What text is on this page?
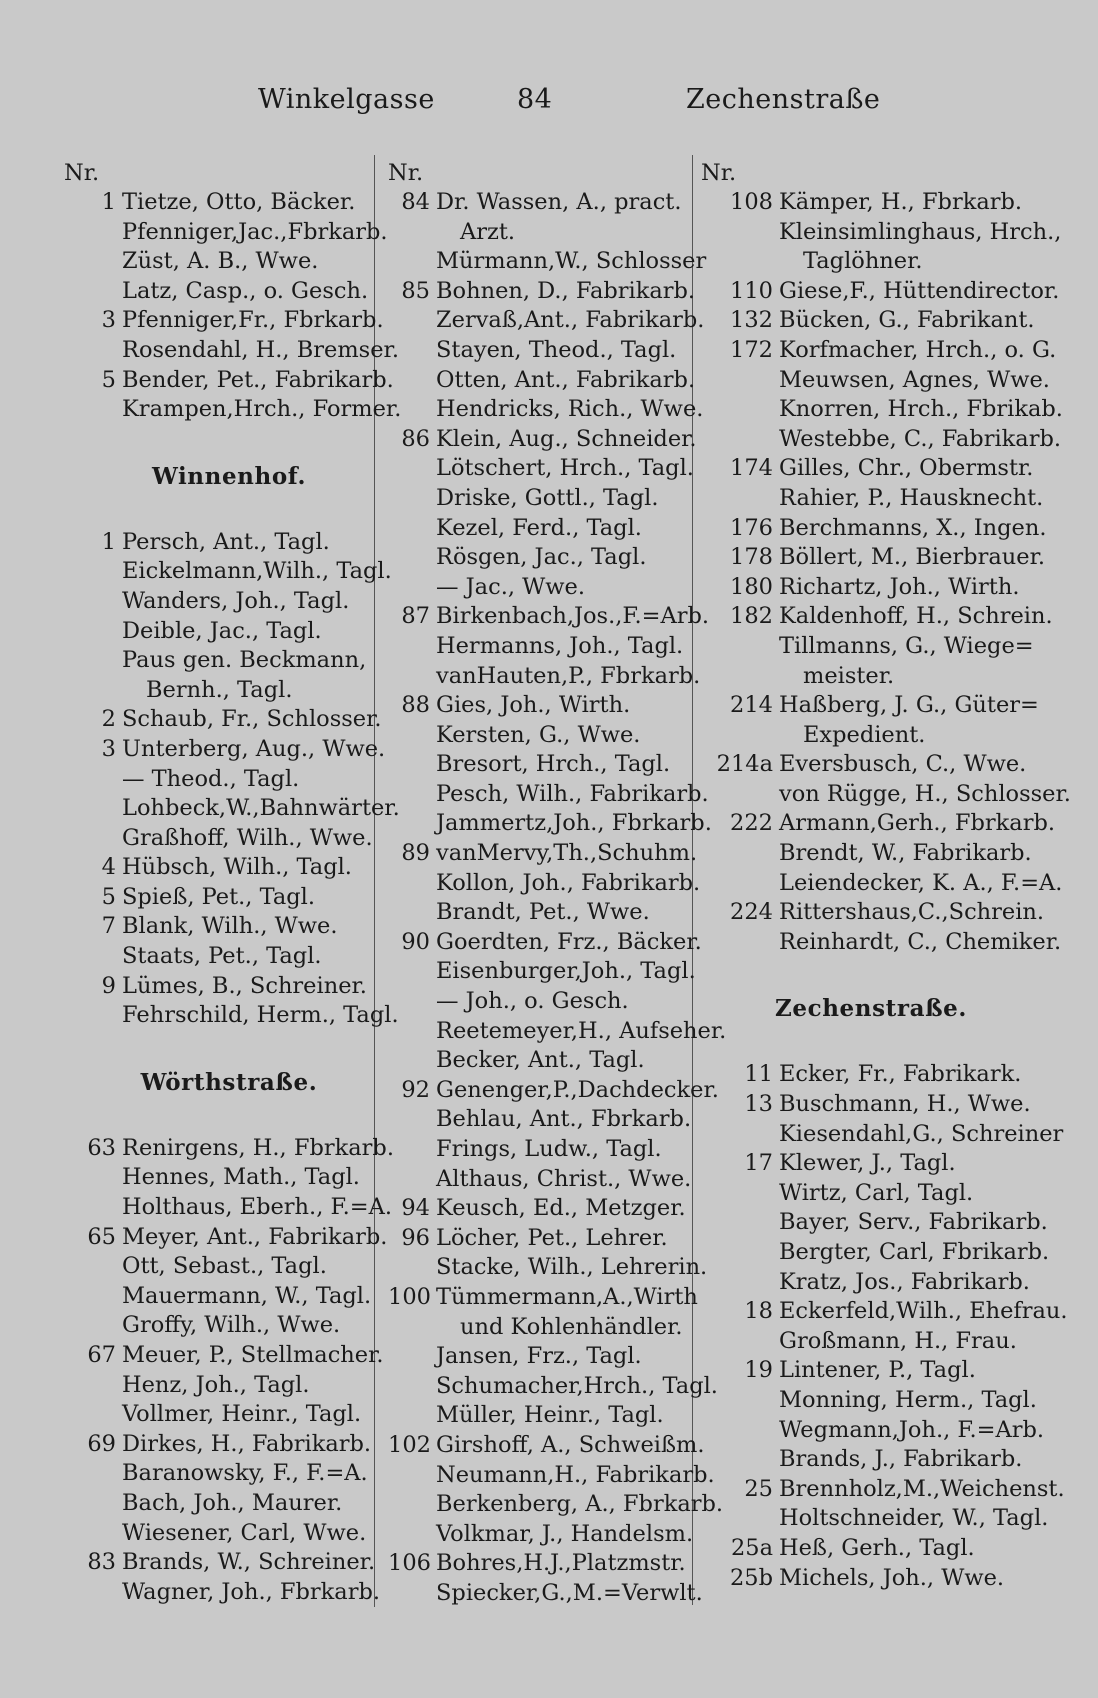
Winkelgasse	84	Zechenstraße
Nr.
1 Tietze, Otto, Bäcker.
Pfenniger,Jac.,Fbrkarb.
Züst, A. B., Wwe.
Latz, Casp., o. Gesch.
3 Pfenniger,Fr., Fbrkarb.
Rosendahl, H., Bremser.
5 Bender, Pet., Fabrikarb.
Krampen,Hrch., Former.
Winnenhof.
1 Persch, Ant., Tagl.
Eickelmann,Wilh., Tagl.
Wanders, Joh., Tagl.
Deible, Jac., Tagl.
Paus gen. Beckmann,
Bernh., Tagl.
2 Schaub, Fr., Schlosser.
3 Unterberg, Aug., Wwe.
— Theod., Tagl.
Lohbeck,W.,Bahnwärter.
Graßhoff, Wilh., Wwe.
4 Hübsch, Wilh., Tagl.
5 Spieß, Pet., Tagl.
7 Blank, Wilh., Wwe.
Staats, Pet., Tagl.
9 Lümes, B., Schreiner.
Fehrschild, Herm., Tagl.
Wörthstraße.
63 Renirgens, H., Fbrkarb.
Hennes, Math., Tagl.
Holthaus, Eberh., F.=A.
65 Meyer, Ant., Fabrikarb.
Ott, Sebast., Tagl.
Mauermann, W., Tagl.
Groffy, Wilh., Wwe.
67 Meuer, P., Stellmacher.
Henz, Joh., Tagl.
Vollmer, Heinr., Tagl.
69 Dirkes, H., Fabrikarb.
Baranowsky, F., F.=A.
Bach, Joh., Maurer.
Wiesener, Carl, Wwe.
83 Brands, W., Schreiner.
Wagner, Joh., Fbrkarb.
Nr.
84 Dr. Wassen, A., pract.
Arzt.
Mürmann,W., Schlosser
85 Bohnen, D., Fabrikarb.
Zervaß,Ant., Fabrikarb.
Stayen, Theod., Tagl.
Otten, Ant., Fabrikarb.
Hendricks, Rich., Wwe.
86 Klein, Aug., Schneider.
Lötschert, Hrch., Tagl.
Driske, Gottl., Tagl.
Kezel, Ferd., Tagl.
Rösgen, Jac., Tagl.
— Jac., Wwe.
87 Birkenbach,Jos.,F.=Arb.
Hermanns, Joh., Tagl.
vanHauten,P., Fbrkarb.
88 Gies, Joh., Wirth.
Kersten, G., Wwe.
Bresort, Hrch., Tagl.
Pesch, Wilh., Fabrikarb.
Jammertz,Joh., Fbrkarb.
89 vanMervy,Th.,Schuhm.
Kollon, Joh., Fabrikarb.
Brandt, Pet., Wwe.
90 Goerdten, Frz., Bäcker.
Eisenburger,Joh., Tagl.
— Joh., o. Gesch.
Reetemeyer,H., Aufseher.
Becker, Ant., Tagl.
92 Genenger,P.,Dachdecker.
Behlau, Ant., Fbrkarb.
Frings, Ludw., Tagl.
Althaus, Christ., Wwe.
94 Keusch, Ed., Metzger.
96 Löcher, Pet., Lehrer.
Stacke, Wilh., Lehrerin.
100 Tümmermann,A.,Wirth
und Kohlenhändler.
Jansen, Frz., Tagl.
Schumacher,Hrch., Tagl.
Müller, Heinr., Tagl.
102 Girshoff, A., Schweißm.
Neumann,H., Fabrikarb.
Berkenberg, A., Fbrkarb.
Volkmar, J., Handelsm.
106 Bohres,H.J.,Platzmstr.
Spiecker,G.,M.=Verwlt.
Nr.
108 Kämper, H., Fbrkarb.
Kleinsimlinghaus, Hrch.,
Taglöhner.
110 Giese,F., Hüttendirector.
132 Bücken, G., Fabrikant.
172 Korfmacher, Hrch., o. G.
Meuwsen, Agnes, Wwe.
Knorren, Hrch., Fbrikab.
Westebbe, C., Fabrikarb.
174 Gilles, Chr., Obermstr.
Rahier, P., Hausknecht.
176 Berchmanns, X., Ingen.
178 Böllert, M., Bierbrauer.
180 Richartz, Joh., Wirth.
182 Kaldenhoff, H., Schrein.
Tillmanns, G., Wiege=
meister.
214 Haßberg, J. G., Güter=
Expedient.
214a Eversbusch, C., Wwe.
von Rügge, H., Schlosser.
222 Armann,Gerh., Fbrkarb.
Brendt, W., Fabrikarb.
Leiendecker, K. A., F.=A.
224 Rittershaus,C.,Schrein.
Reinhardt, C., Chemiker.
Zechenstraße.
11 Ecker, Fr., Fabrikark.
13 Buschmann, H., Wwe.
Kiesendahl,G., Schreiner
17 Klewer, J., Tagl.
Wirtz, Carl, Tagl.
Bayer, Serv., Fabrikarb.
Bergter, Carl, Fbrikarb.
Kratz, Jos., Fabrikarb.
18 Eckerfeld,Wilh., Ehefrau.
Großmann, H., Frau.
19 Lintener, P., Tagl.
Monning, Herm., Tagl.
Wegmann,Joh., F.=Arb.
Brands, J., Fabrikarb.
25 Brennholz,M.,Weichenst.
Holtschneider, W., Tagl.
25a Heß, Gerh., Tagl.
25b Michels, Joh., Wwe.
